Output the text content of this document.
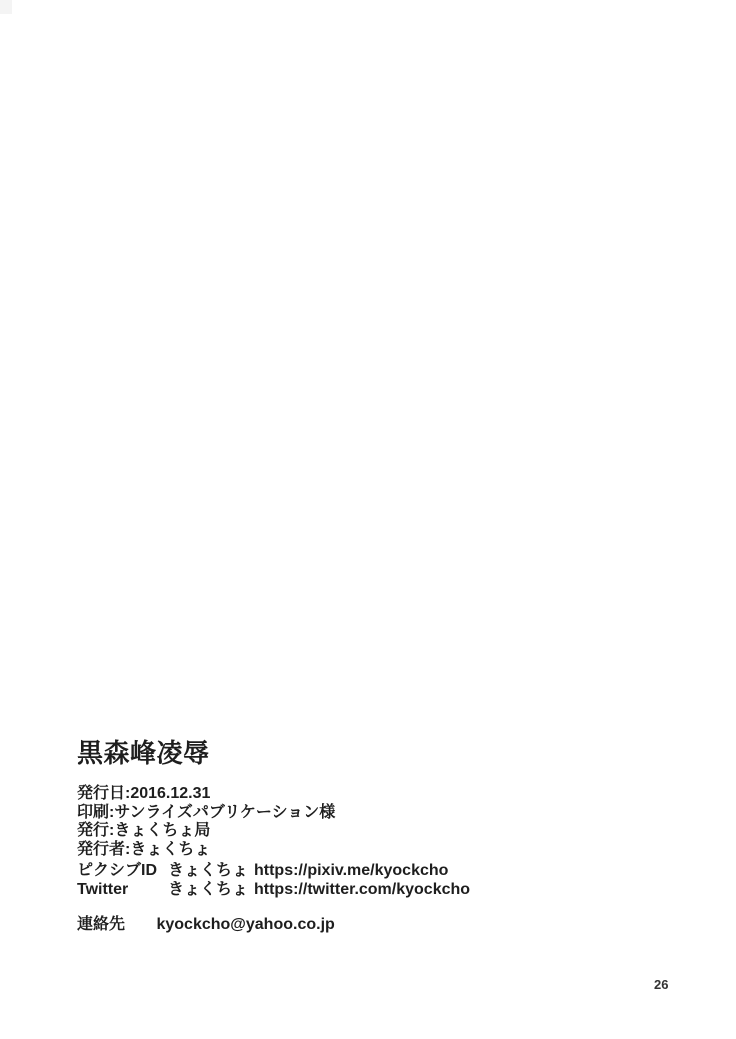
黒森峰凌辱
発行日:2016.12.31
印刷:サンライズパブリケーション様
発行:きょくちょ局
発行者:きょくちょ
ピクシブID きょくちょ https://pixiv.me/kyockcho
Twitter	きょくちょ https://twitter.com/kyockcho
連絡先 kyockcho@yahoo.co.jp
26
